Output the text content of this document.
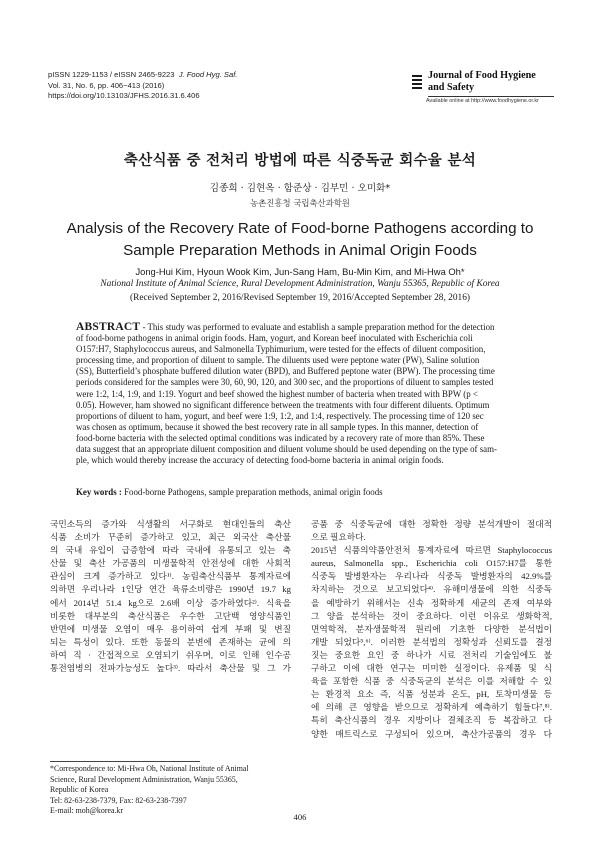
pISSN 1229-1153 / eISSN 2465-9223 J. Food Hyg. Saf.
Vol. 31, No. 6, pp. 406~413 (2016)
https://doi.org/10.13103/JFHS.2016.31.6.406
Journal of Food Hygiene
and Safety
Available online at http://www.foodhygiene.or.kr
축산식품 중 전처리 방법에 따른 식중독균 회수율 분석
김종희 · 김현옥 · 함준상 · 김부민 · 오미화*
농촌진흥청 국립축산과학원
Analysis of the Recovery Rate of Food-borne Pathogens according to
Sample Preparation Methods in Animal Origin Foods
Jong-Hui Kim, Hyoun Wook Kim, Jun-Sang Ham, Bu-Min Kim, and Mi-Hwa Oh*
National Institute of Animal Science, Rural Development Administration, Wanju 55365, Republic of Korea
(Received September 2, 2016/Revised September 19, 2016/Accepted September 28, 2016)
ABSTRACT - This study was performed to evaluate and establish a sample preparation method for the detection
of food-borne pathogens in animal origin foods. Ham, yogurt, and Korean beef inoculated with Escherichia coli
O157:H7, Staphylococcus aureus, and Salmonella Typhimurium, were tested for the effects of diluent composition,
processing time, and proportion of diluent to sample. The diluents used were peptone water (PW), Saline solution
(SS), Butterfield’s phosphate buffered dilution water (BPD), and Buffered peptone water (BPW). The processing time
periods considered for the samples were 30, 60, 90, 120, and 300 sec, and the proportions of diluent to samples tested
were 1:2, 1:4, 1:9, and 1:19. Yogurt and beef showed the highest number of bacteria when treated with BPW (p <
0.05). However, ham showed no significant difference between the treatments with four different diluents. Optimum
proportions of diluent to ham, yogurt, and beef were 1:9, 1:2, and 1:4, respectively. The processing time of 120 sec
was chosen as optimum, because it showed the best recovery rate in all sample types. In this manner, detection of
food-borne bacteria with the selected optimal conditions was indicated by a recovery rate of more than 85%. These
data suggest that an appropriate diluent composition and diluent volume should be used depending on the type of sam-
ple, which would thereby increase the accuracy of detecting food-borne bacteria in animal origin foods.
Key words : Food-borne Pathogens, sample preparation methods, animal origin foods
국민소득의 증가와 식생활의 서구화로 현대인들의 축산
식품 소비가 꾸준히 증가하고 있고, 최근 외국산 축산물
의 국내 유입이 급증함에 따라 국내에 유통되고 있는 축
산물 및 축산 가공품의 미생물학적 안전성에 대한 사회적
관심이 크게 증가하고 있다¹⁾. 농림축산식품부 통계자료에
의하면 우리나라 1인당 연간 육류소비량은 1990년 19.7 kg
에서 2014년 51.4 kg으로 2.6배 이상 증가하였다²⁾. 식육을
비롯한 대부분의 축산식품은 우수한 고단백 영양식품인
반면에 미생물 오염이 매우 용이하여 쉽게 부패 및 변질
되는 특성이 있다. 또한 동물의 분변에 존재하는 균에 의
하여 직 · 간접적으로 오염되기 쉬우며, 이로 인해 인수공
통전염병의 전파가능성도 높다³⁾. 따라서 축산물 및 그 가
공품 중 식중독균에 대한 정확한 정량 분석개발이 절대적
으로 필요하다.
2015년 식품의약품안전처 통계자료에 따르면 Staphylococcus
aureus, Salmonella spp., Escherichia coli O157:H7를 통한
식중독 발병환자는 우리나라 식중독 발병환자의 42.9%를
차지하는 것으로 보고되었다⁴⁾. 유해미생물에 의한 식중독
을 예방하기 위해서는 신속 정확하게 세균의 존재 여부와
그 양을 분석하는 것이 중요하다. 이런 이유로 생화학적,
면역학적, 분자생물학적 원리에 기초한 다양한 분석법이
개발 되었다⁵,⁶⁾. 이러한 분석법의 정확성과 신뢰도를 결정
짓는 중요한 요인 중 하나가 시료 전처리 기술임에도 불
구하고 이에 대한 연구는 미미한 실정이다. 유제품 및 식
육을 포함한 식품 중 식중독균의 분석은 이를 저해할 수 있
는 환경적 요소 즉, 식품 성분과 온도, pH, 토착미생물 등
에 의해 큰 영향을 받으므로 정확하게 예측하기 힘들다⁷,⁸⁾.
특히 축산식품의 경우 지방이나 결체조직 등 복잡하고 다
양한 매트릭스로 구성되어 있으며, 축산가공품의 경우 다
*Correspondence to: Mi-Hwa Oh, National Institute of Animal
Science, Rural Development Administration, Wanju 55365,
Republic of Korea
Tel: 82-63-238-7379, Fax: 82-63-238-7397
E-mail: moh@korea.kr
406
